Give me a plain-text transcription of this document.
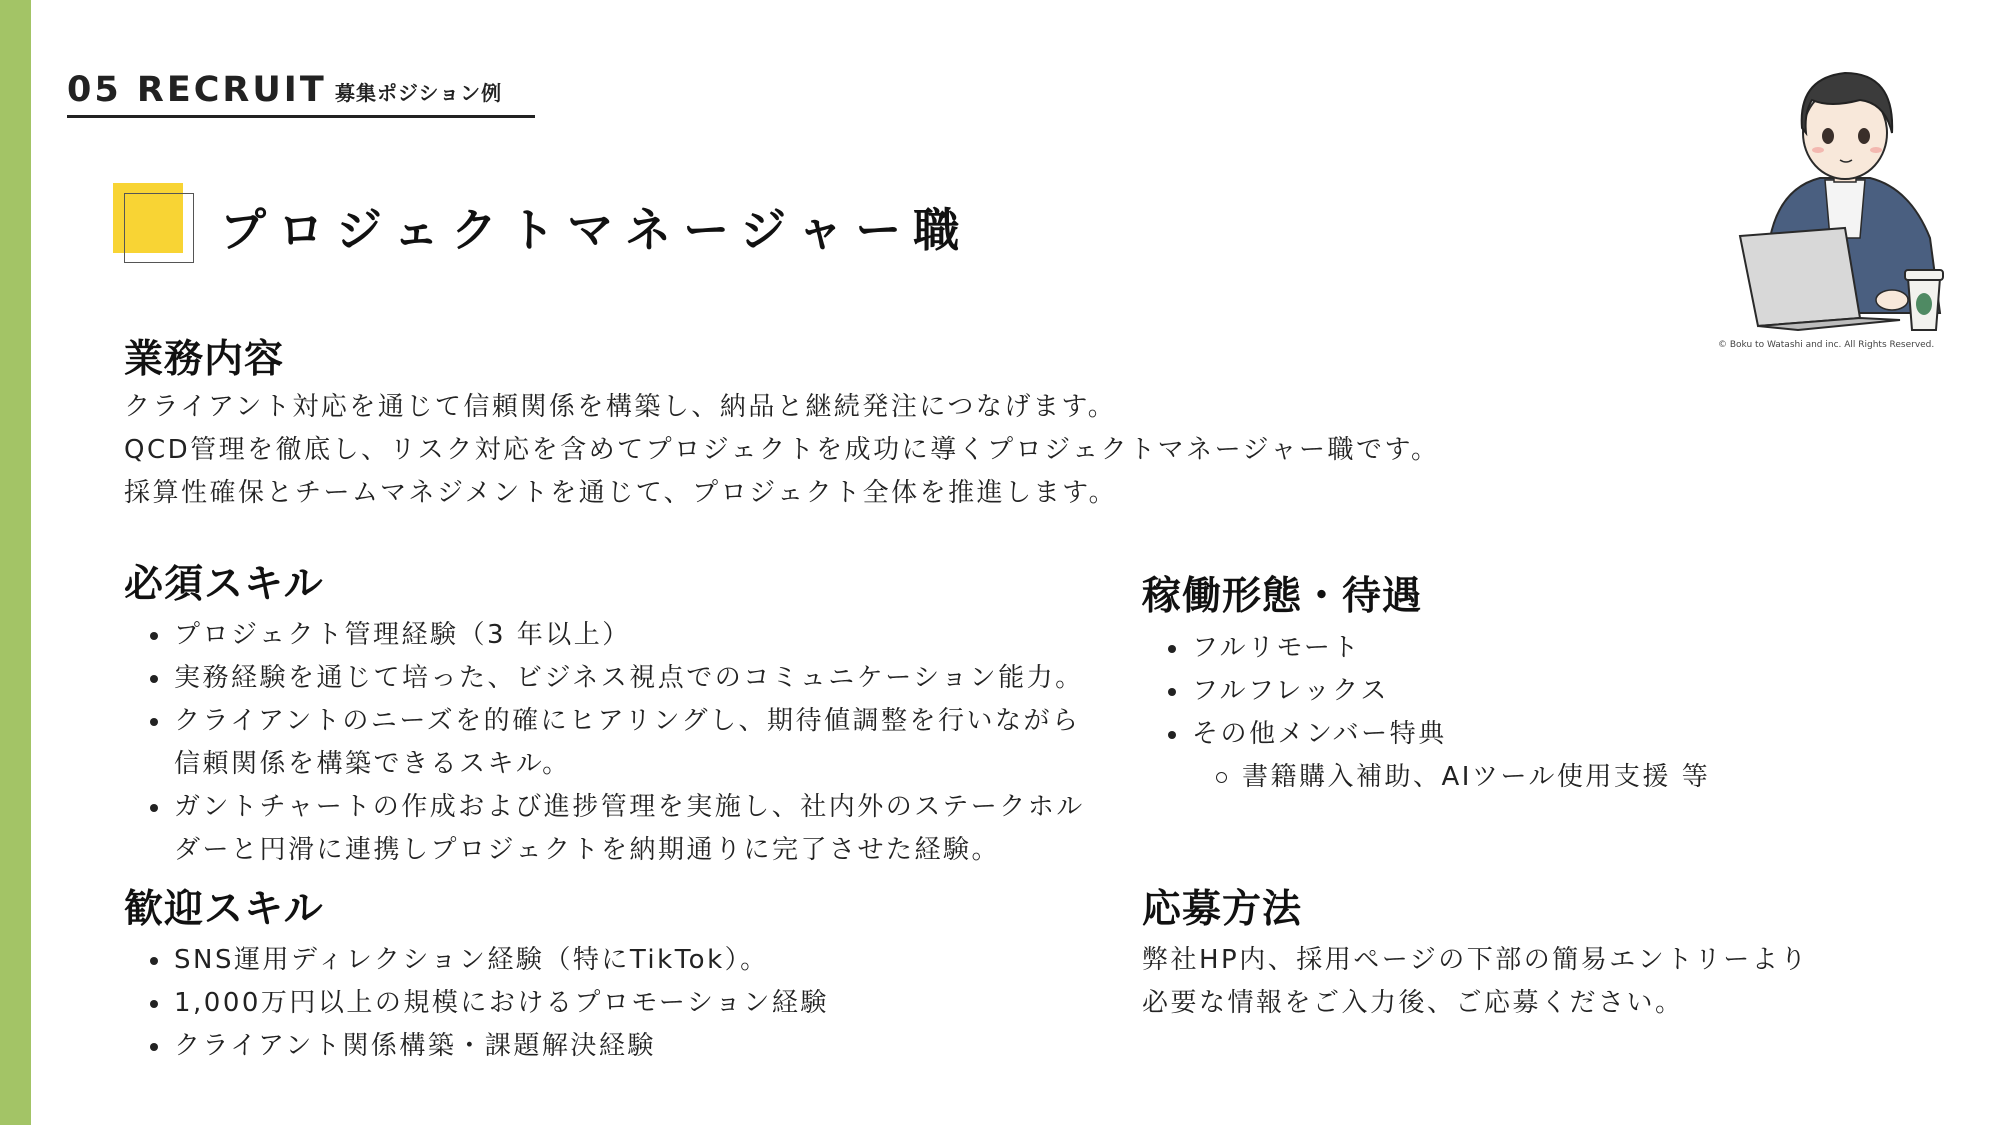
05 RECRUIT 募集ポジション例
プロジェクトマネージャー職
業務内容
クライアント対応を通じて信頼関係を構築し、納品と継続発注につなげます。
QCD管理を徹底し、リスク対応を含めてプロジェクトを成功に導くプロジェクトマネージャー職です。
採算性確保とチームマネジメントを通じて、プロジェクト全体を推進します。
必須スキル
プロジェクト管理経験（3 年以上）
実務経験を通じて培った、ビジネス視点でのコミュニケーション能力。
クライアントのニーズを的確にヒアリングし、期待値調整を行いながら
信頼関係を構築できるスキル。
ガントチャートの作成および進捗管理を実施し、社内外のステークホル
ダーと円滑に連携しプロジェクトを納期通りに完了させた経験。
歓迎スキル
SNS運用ディレクション経験（特にTikTok）。
1,000万円以上の規模におけるプロモーション経験
クライアント関係構築・課題解決経験
稼働形態・待遇
フルリモート
フルフレックス
その他メンバー特典
書籍購入補助、AIツール使用支援 等
応募方法
弊社HP内、採用ページの下部の簡易エントリーより
必要な情報をご入力後、ご応募ください。
© Boku to Watashi and inc. All Rights Reserved.
